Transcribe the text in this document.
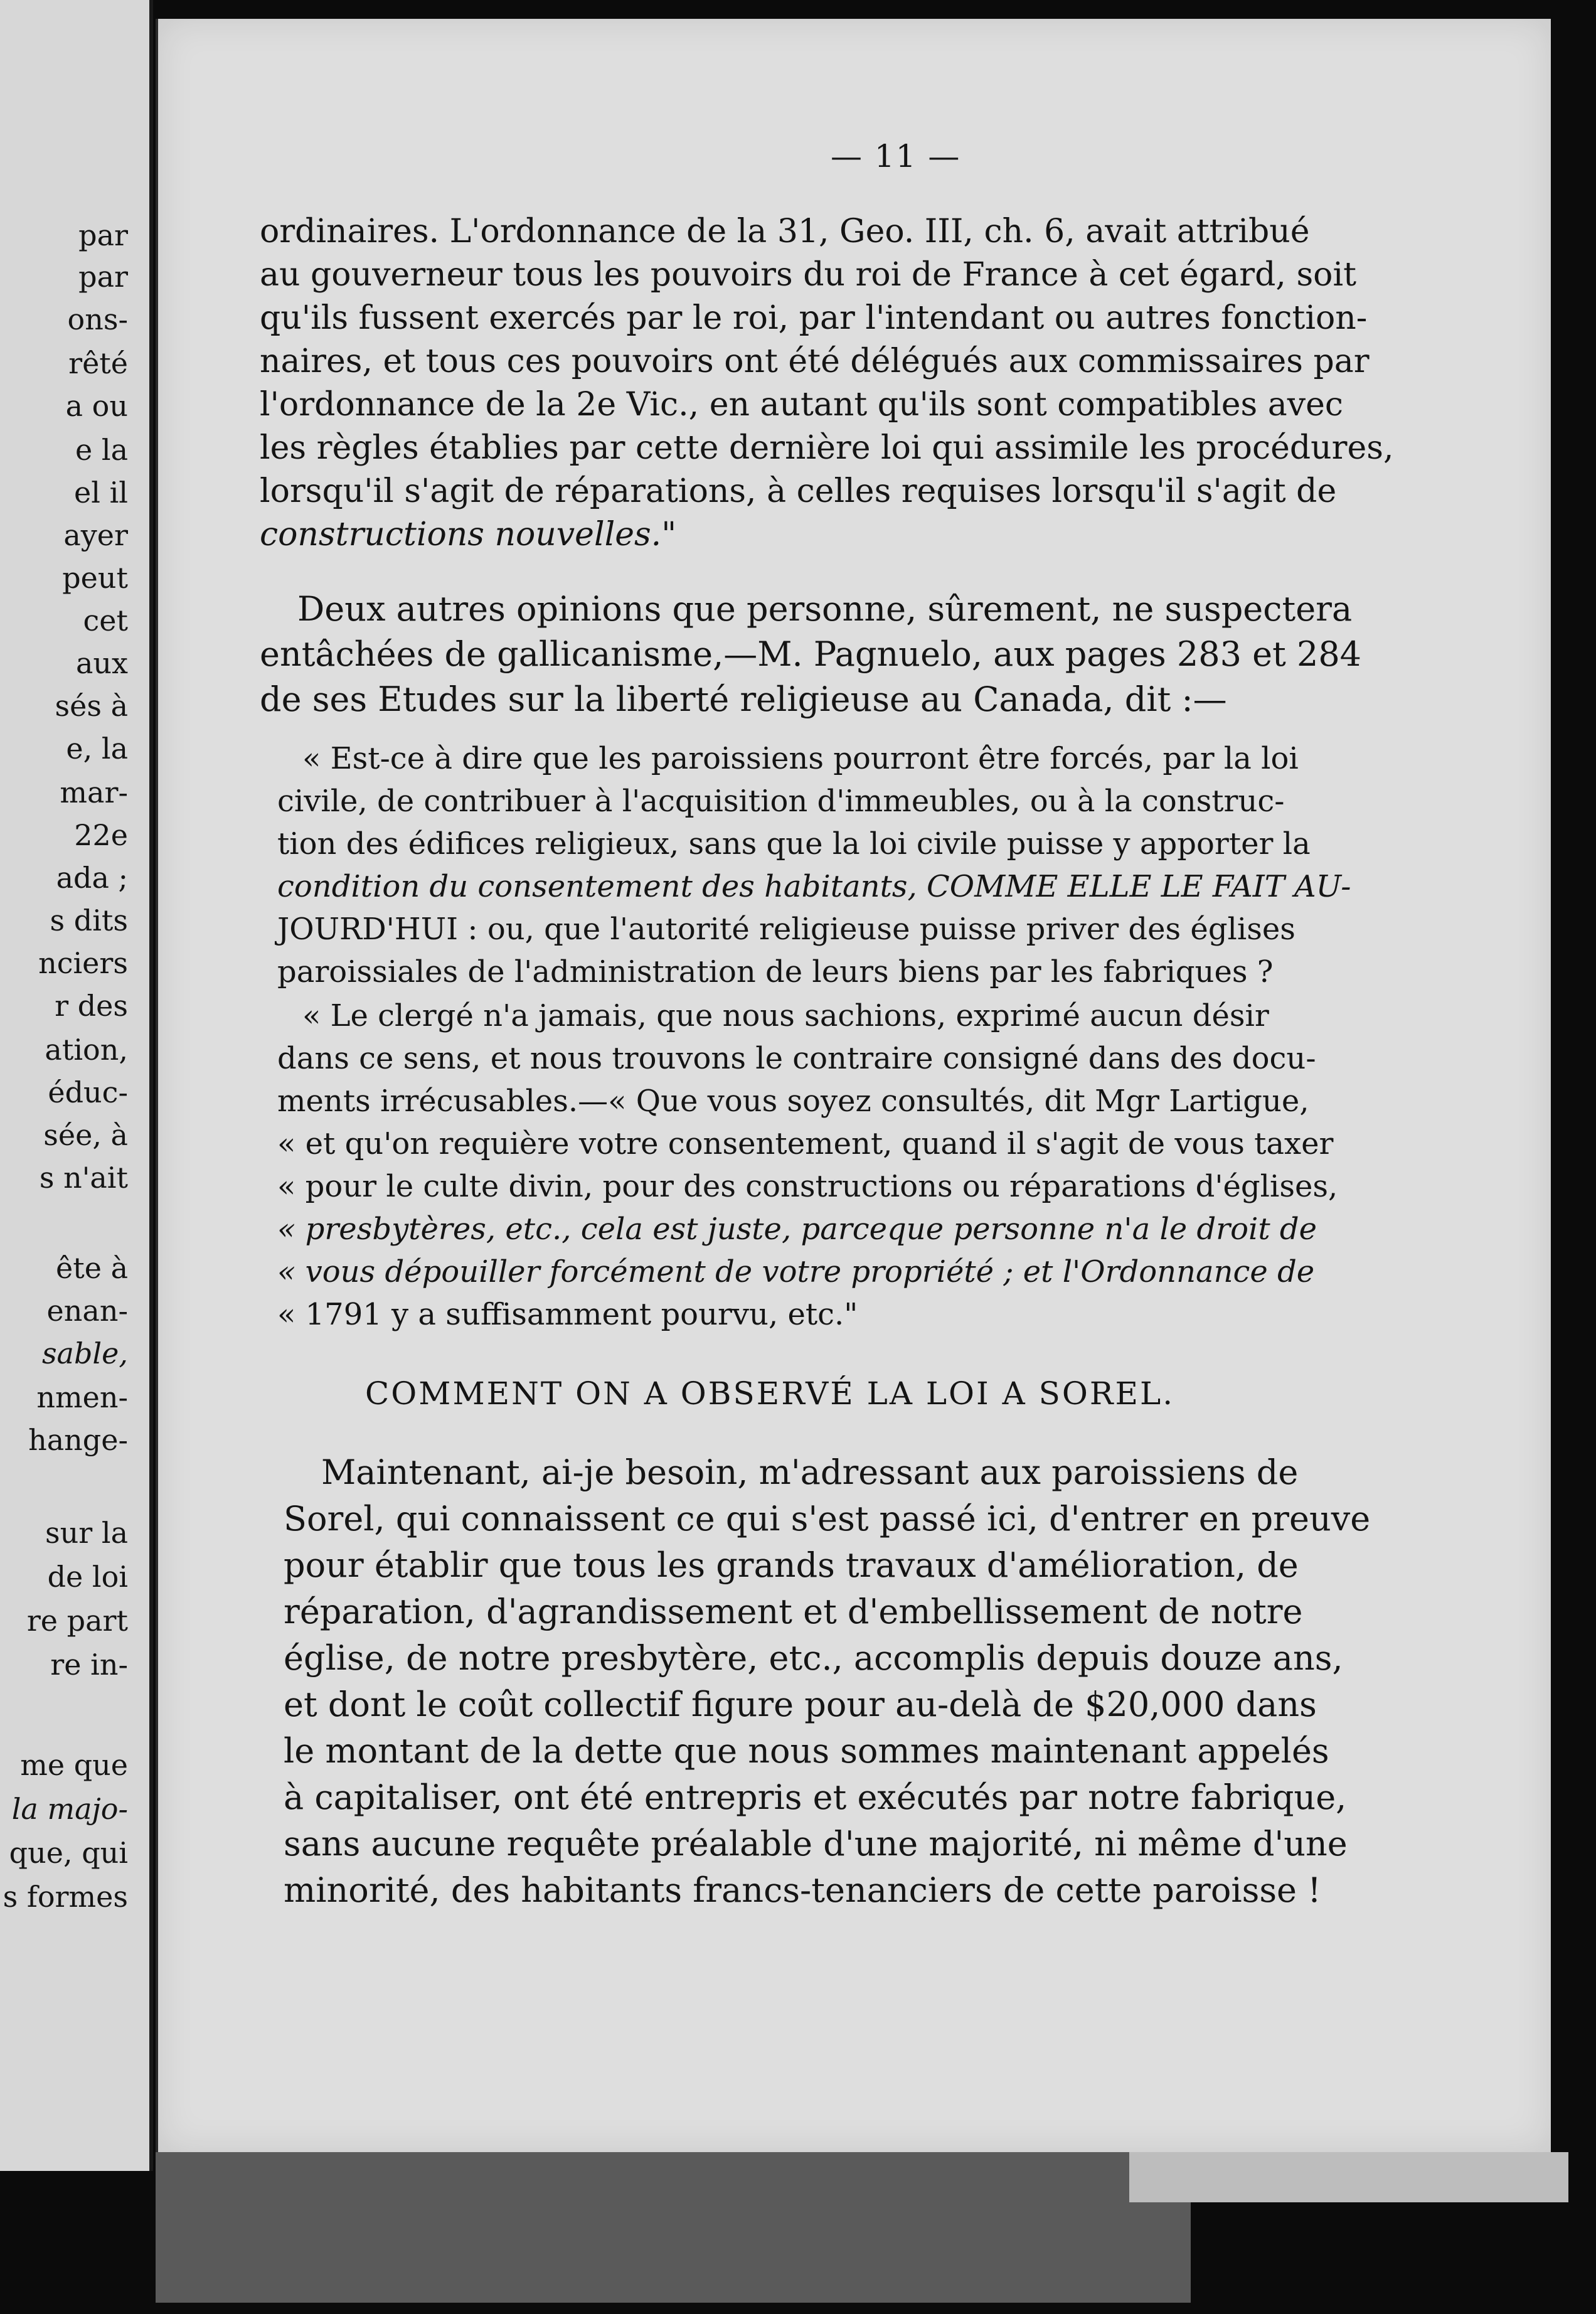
par
par
ons-
rêté
a ou
e la
el il
ayer
peut
cet
aux
sés à
e, la
mar-
22e
ada ;
s dits
nciers
r des
ation,
éduc-
sée, à
s n'ait
ête à
enan-
sable,
nmen-
hange-
sur la
de loi
re part
re in-
me que
la majo-
que, qui
s formes
— 11 —
ordinaires. L'ordonnance de la 31, Geo. III, ch. 6, avait attribué
au gouverneur tous les pouvoirs du roi de France à cet égard, soit
qu'ils fussent exercés par le roi, par l'intendant ou autres fonction-
naires, et tous ces pouvoirs ont été délégués aux commissaires par
l'ordonnance de la 2e Vic., en autant qu'ils sont compatibles avec
les règles établies par cette dernière loi qui assimile les procédures,
lorsqu'il s'agit de réparations, à celles requises lorsqu'il s'agit de
constructions nouvelles."
Deux autres opinions que personne, sûrement, ne suspectera
entâchées de gallicanisme,—M. Pagnuelo, aux pages 283 et 284
de ses Etudes sur la liberté religieuse au Canada, dit :—
« Est-ce à dire que les paroissiens pourront être forcés, par la loi
civile, de contribuer à l'acquisition d'immeubles, ou à la construc-
tion des édifices religieux, sans que la loi civile puisse y apporter la
condition du consentement des habitants, COMME ELLE LE FAIT AU-
JOURD'HUI : ou, que l'autorité religieuse puisse priver des églises
paroissiales de l'administration de leurs biens par les fabriques ?
« Le clergé n'a jamais, que nous sachions, exprimé aucun désir
dans ce sens, et nous trouvons le contraire consigné dans des docu-
ments irrécusables.—« Que vous soyez consultés, dit Mgr Lartigue,
« et qu'on requière votre consentement, quand il s'agit de vous taxer
« pour le culte divin, pour des constructions ou réparations d'églises,
« presbytères, etc., cela est juste, parceque personne n'a le droit de
« vous dépouiller forcément de votre propriété ; et l'Ordonnance de
« 1791 y a suffisamment pourvu, etc."
COMMENT ON A OBSERVÉ LA LOI A SOREL.
Maintenant, ai-je besoin, m'adressant aux paroissiens de
Sorel, qui connaissent ce qui s'est passé ici, d'entrer en preuve
pour établir que tous les grands travaux d'amélioration, de
réparation, d'agrandissement et d'embellissement de notre
église, de notre presbytère, etc., accomplis depuis douze ans,
et dont le coût collectif figure pour au-delà de $20,000 dans
le montant de la dette que nous sommes maintenant appelés
à capitaliser, ont été entrepris et exécutés par notre fabrique,
sans aucune requête préalable d'une majorité, ni même d'une
minorité, des habitants francs-tenanciers de cette paroisse !
